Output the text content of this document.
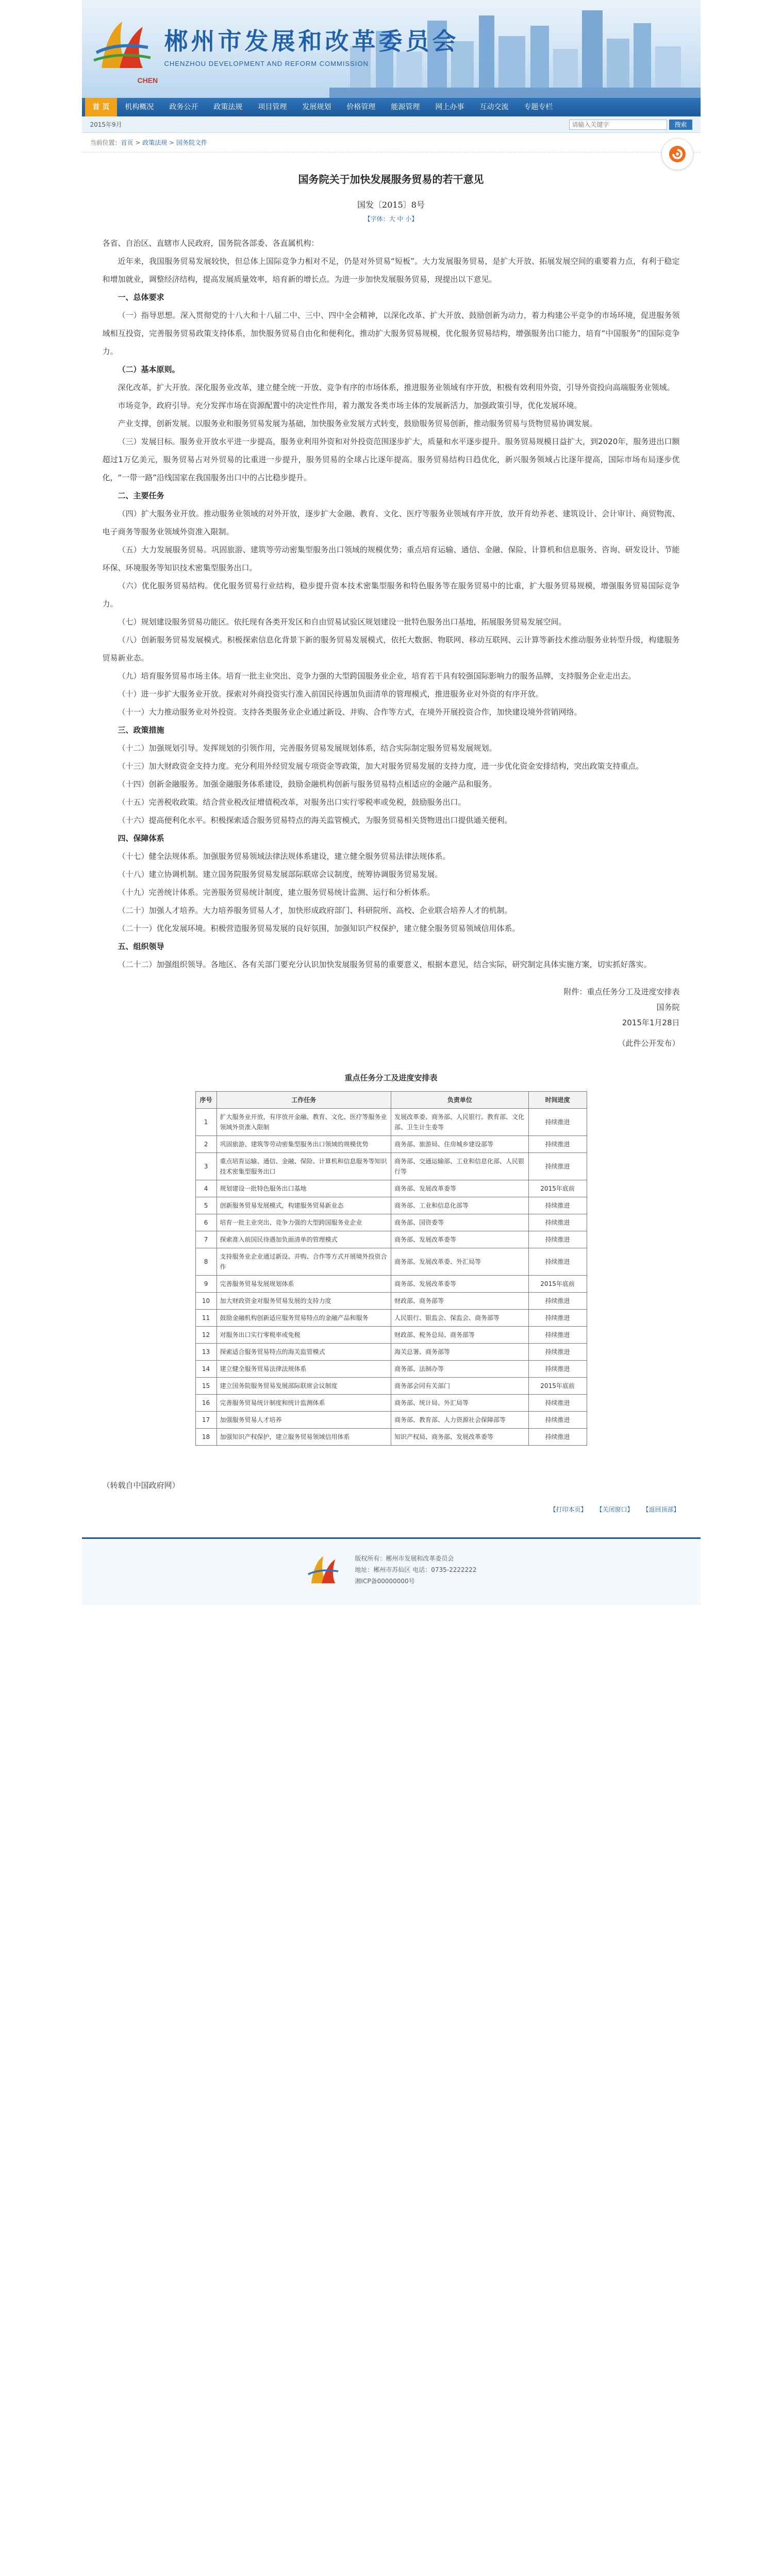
郴州市发展和改革委员会
CHENZHOU DEVELOPMENT AND REFORM COMMISSION
CHEN
首 页	机构概况	政务公开	政策法规	项目管理	发展规划	价格管理	能源管理	网上办事	互动交流	专题专栏
2015年9月
请输入关键字	搜索
当前位置：首页 > 政策法规 > 国务院文件
国务院关于加快发展服务贸易的若干意见
国发〔2015〕8号
【字体：大 中 小】

各省、自治区、直辖市人民政府，国务院各部委、各直属机构：

近年来，我国服务贸易发展较快，但总体上国际竞争力相对不足，仍是对外贸易“短板”。大力发展服务贸易，是扩大开放、拓展发展空间的重要着力点，有利于稳定和增加就业，调整经济结构，提高发展质量效率，培育新的增长点。为进一步加快发展服务贸易，现提出以下意见。

一、总体要求

（一）指导思想。深入贯彻党的十八大和十八届二中、三中、四中全会精神，以深化改革、扩大开放、鼓励创新为动力，着力构建公平竞争的市场环境，促进服务领域相互投资，完善服务贸易政策支持体系，加快服务贸易自由化和便利化，推动扩大服务贸易规模，优化服务贸易结构，增强服务出口能力，培育“中国服务”的国际竞争力。

（二）基本原则。

深化改革，扩大开放。深化服务业改革，建立健全统一开放、竞争有序的市场体系，推进服务业领域有序开放，积极有效利用外资，引导外资投向高端服务业领域。

市场竞争，政府引导。充分发挥市场在资源配置中的决定性作用，着力激发各类市场主体的发展新活力，加强政策引导，优化发展环境。

产业支撑，创新发展。以服务业和服务贸易发展为基础，加快服务业发展方式转变，鼓励服务贸易创新，推动服务贸易与货物贸易协调发展。

（三）发展目标。服务业开放水平进一步提高，服务业利用外资和对外投资范围逐步扩大，质量和水平逐步提升。服务贸易规模日益扩大，到2020年，服务进出口额超过1万亿美元，服务贸易占对外贸易的比重进一步提升，服务贸易的全球占比逐年提高。服务贸易结构日趋优化，新兴服务领域占比逐年提高，国际市场布局逐步优化，“一带一路”沿线国家在我国服务出口中的占比稳步提升。

二、主要任务

（四）扩大服务业开放。推动服务业领域的对外开放，逐步扩大金融、教育、文化、医疗等服务业领域有序开放，放开育幼养老、建筑设计、会计审计、商贸物流、电子商务等服务业领域外资准入限制。

（五）大力发展服务贸易。巩固旅游、建筑等劳动密集型服务出口领域的规模优势；重点培育运输、通信、金融、保险、计算机和信息服务、咨询、研发设计、节能环保、环境服务等知识技术密集型服务出口。

（六）优化服务贸易结构。优化服务贸易行业结构，稳步提升资本技术密集型服务和特色服务等在服务贸易中的比重，扩大服务贸易规模，增强服务贸易国际竞争力。

（七）规划建设服务贸易功能区。依托现有各类开发区和自由贸易试验区规划建设一批特色服务出口基地，拓展服务贸易发展空间。

（八）创新服务贸易发展模式。积极探索信息化背景下新的服务贸易发展模式，依托大数据、物联网、移动互联网、云计算等新技术推动服务业转型升级，构建服务贸易新业态。

（九）培育服务贸易市场主体。培育一批主业突出、竞争力强的大型跨国服务业企业，培育若干具有较强国际影响力的服务品牌，支持服务企业走出去。

（十）进一步扩大服务业开放。探索对外商投资实行准入前国民待遇加负面清单的管理模式，推进服务业对外资的有序开放。

（十一）大力推动服务业对外投资。支持各类服务业企业通过新设、并购、合作等方式，在境外开展投资合作，加快建设境外营销网络。

三、政策措施

（十二）加强规划引导。发挥规划的引领作用，完善服务贸易发展规划体系，结合实际制定服务贸易发展规划。

（十三）加大财政资金支持力度。充分利用外经贸发展专项资金等政策，加大对服务贸易发展的支持力度，进一步优化资金安排结构，突出政策支持重点。

（十四）创新金融服务。加强金融服务体系建设，鼓励金融机构创新与服务贸易特点相适应的金融产品和服务。

（十五）完善税收政策。结合营业税改征增值税改革，对服务出口实行零税率或免税，鼓励服务出口。

（十六）提高便利化水平。积极探索适合服务贸易特点的海关监管模式，为服务贸易相关货物进出口提供通关便利。

四、保障体系

（十七）健全法规体系。加强服务贸易领域法律法规体系建设，建立健全服务贸易法律法规体系。

（十八）建立协调机制。建立国务院服务贸易发展部际联席会议制度，统筹协调服务贸易发展。

（十九）完善统计体系。完善服务贸易统计制度，建立服务贸易统计监测、运行和分析体系。

（二十）加强人才培养。大力培养服务贸易人才，加快形成政府部门、科研院所、高校、企业联合培养人才的机制。

（二十一）优化发展环境。积极营造服务贸易发展的良好氛围，加强知识产权保护，建立健全服务贸易领域信用体系。

五、组织领导

（二十二）加强组织领导。各地区、各有关部门要充分认识加快发展服务贸易的重要意义，根据本意见，结合实际，研究制定具体实施方案，切实抓好落实。

附件：重点任务分工及进度安排表
国务院
2015年1月28日
（此件公开发布）
重点任务分工及进度安排表
序号	工作任务	负责单位	时间进度
1	扩大服务业开放，有序放开金融、教育、文化、医疗等服务业领域外资准入限制	发展改革委、商务部、人民银行、教育部、文化部、卫生计生委等	持续推进
2	巩固旅游、建筑等劳动密集型服务出口领域的规模优势	商务部、旅游局、住房城乡建设部等	持续推进
3	重点培育运输、通信、金融、保险、计算机和信息服务等知识技术密集型服务出口	商务部、交通运输部、工业和信息化部、人民银行等	持续推进
4	规划建设一批特色服务出口基地	商务部、发展改革委等	2015年底前
5	创新服务贸易发展模式，构建服务贸易新业态	商务部、工业和信息化部等	持续推进
6	培育一批主业突出、竞争力强的大型跨国服务业企业	商务部、国资委等	持续推进
7	探索准入前国民待遇加负面清单的管理模式	商务部、发展改革委等	持续推进
8	支持服务业企业通过新设、并购、合作等方式开展境外投资合作	商务部、发展改革委、外汇局等	持续推进
9	完善服务贸易发展规划体系	商务部、发展改革委等	2015年底前
10	加大财政资金对服务贸易发展的支持力度	财政部、商务部等	持续推进
11	鼓励金融机构创新适应服务贸易特点的金融产品和服务	人民银行、银监会、保监会、商务部等	持续推进
12	对服务出口实行零税率或免税	财政部、税务总局、商务部等	持续推进
13	探索适合服务贸易特点的海关监管模式	海关总署、商务部等	持续推进
14	建立健全服务贸易法律法规体系	商务部、法制办等	持续推进
15	建立国务院服务贸易发展部际联席会议制度	商务部会同有关部门	2015年底前
16	完善服务贸易统计制度和统计监测体系	商务部、统计局、外汇局等	持续推进
17	加强服务贸易人才培养	商务部、教育部、人力资源社会保障部等	持续推进
18	加强知识产权保护，建立服务贸易领域信用体系	知识产权局、商务部、发展改革委等	持续推进
（转载自中国政府网）
【打印本页】 【关闭窗口】 【返回顶部】
版权所有：郴州市发展和改革委员会
地址：郴州市苏仙区 电话：0735-2222222
湘ICP备00000000号
